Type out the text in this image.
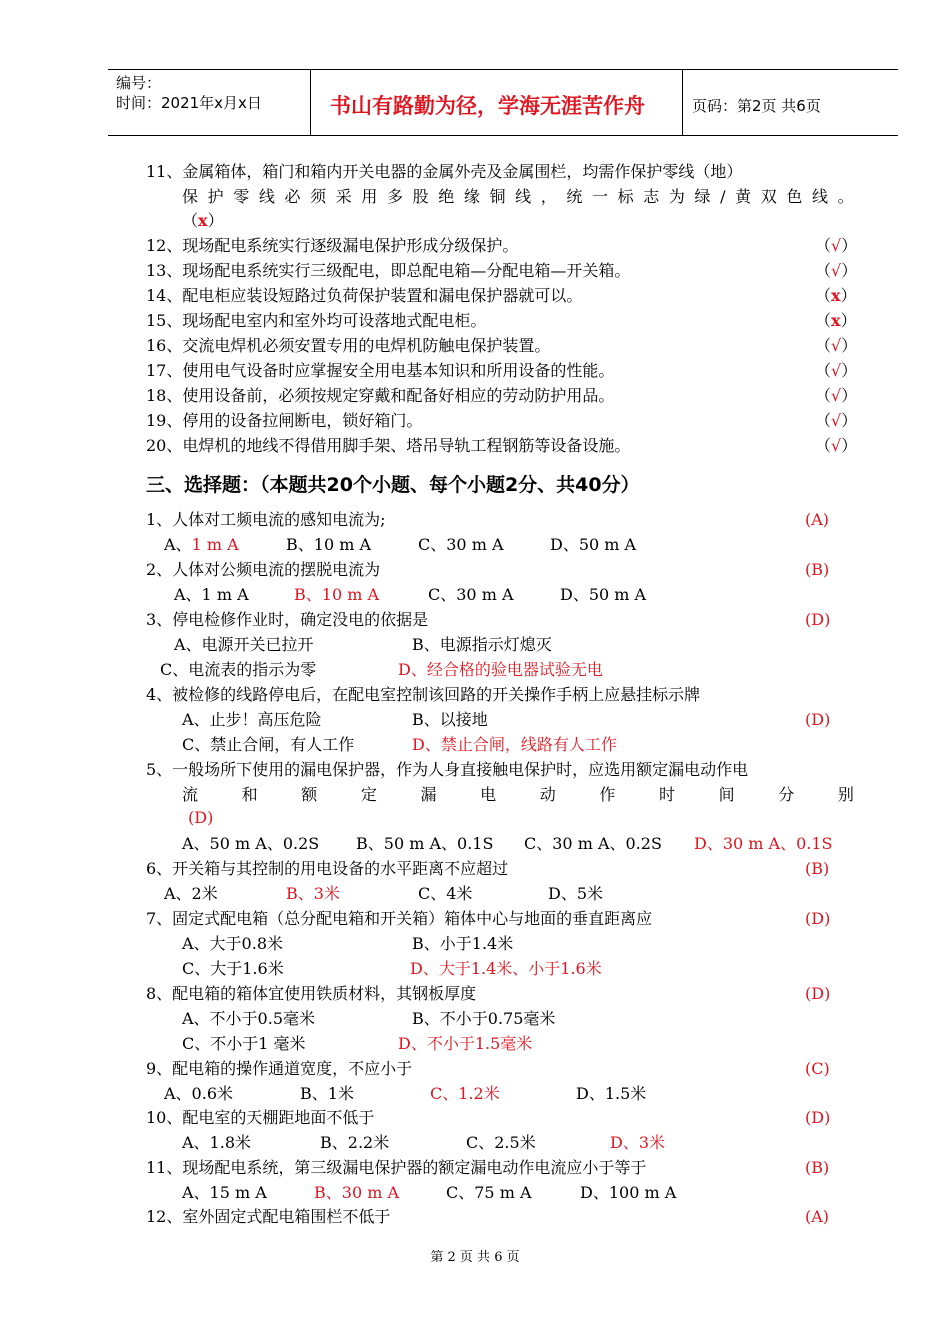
编号：
时间：2021年x月x日	书山有路勤为径，学海无涯苦作舟	页码：第2页 共6页
11、金属箱体，箱门和箱内开关电器的金属外壳及金属围栏，均需作保护零线（地）
保 护 零 线 必 须 采 用 多 股 绝 缘 铜 线 ， 统 一 标 志 为 绿 / 黄 双 色 线 。
（x）
12、现场配电系统实行逐级漏电保护形成分级保护。	（√）
13、现场配电系统实行三级配电，即总配电箱—分配电箱—开关箱。	（√）
14、配电柜应装设短路过负荷保护装置和漏电保护器就可以。	（x）
15、现场配电室内和室外均可设落地式配电柜。	（x）
16、交流电焊机必须安置专用的电焊机防触电保护装置。	（√）
17、使用电气设备时应掌握安全用电基本知识和所用设备的性能。	（√）
18、使用设备前，必须按规定穿戴和配备好相应的劳动防护用品。	（√）
19、停用的设备拉闸断电，锁好箱门。	（√）
20、电焊机的地线不得借用脚手架、塔吊导轨工程钢筋等设备设施。	（√）
三、选择题：（本题共20个小题、每个小题2分、共40分）
1、人体对工频电流的感知电流为;	(A)
A、1 m A	B、10 m A	C、30 m A	D、50 m A
2、人体对公频电流的摆脱电流为	(B)
A、1 m A	B、10 m A	C、30 m A	D、50 m A
3、停电检修作业时，确定没电的依据是	(D)
A、电源开关已拉开	B、电源指示灯熄灭
C、电流表的指示为零	D、经合格的验电器试验无电
4、被检修的线路停电后，在配电室控制该回路的开关操作手柄上应悬挂标示牌
A、止步！高压危险	B、以接地	(D)
C、禁止合闸，有人工作	D、禁止合闸，线路有人工作
5、一般场所下使用的漏电保护器，作为人身直接触电保护时，应选用额定漏电动作电
流	和	额	定	漏	电	动	作	时	间	分	别
(D)
A、50 m A、0.2S B、50 m A、0.1S C、30 m A、0.2S D、30 m A、0.1S
6、开关箱与其控制的用电设备的水平距离不应超过	(B)
A、2米	B、3米	C、4米	D、5米
7、固定式配电箱（总分配电箱和开关箱）箱体中心与地面的垂直距离应	(D)
A、大于0.8米	B、小于1.4米
C、大于1.6米	D、大于1.4米、小于1.6米
8、配电箱的箱体宜使用铁质材料，其钢板厚度	(D)
A、不小于0.5毫米	B、不小于0.75毫米
C、不小于1 毫米	D、不小于1.5毫米
9、配电箱的操作通道宽度，不应小于	(C)
A、0.6米	B、1米	C、1.2米	D、1.5米
10、配电室的天棚距地面不低于	(D)
A、1.8米	B、2.2米	C、2.5米	D、3米
11、现场配电系统，第三级漏电保护器的额定漏电动作电流应小于等于	(B)
A、15 m A	B、30 m A	C、75 m A	D、100 m A
12、室外固定式配电箱围栏不低于	(A)
第 2 页 共 6 页
